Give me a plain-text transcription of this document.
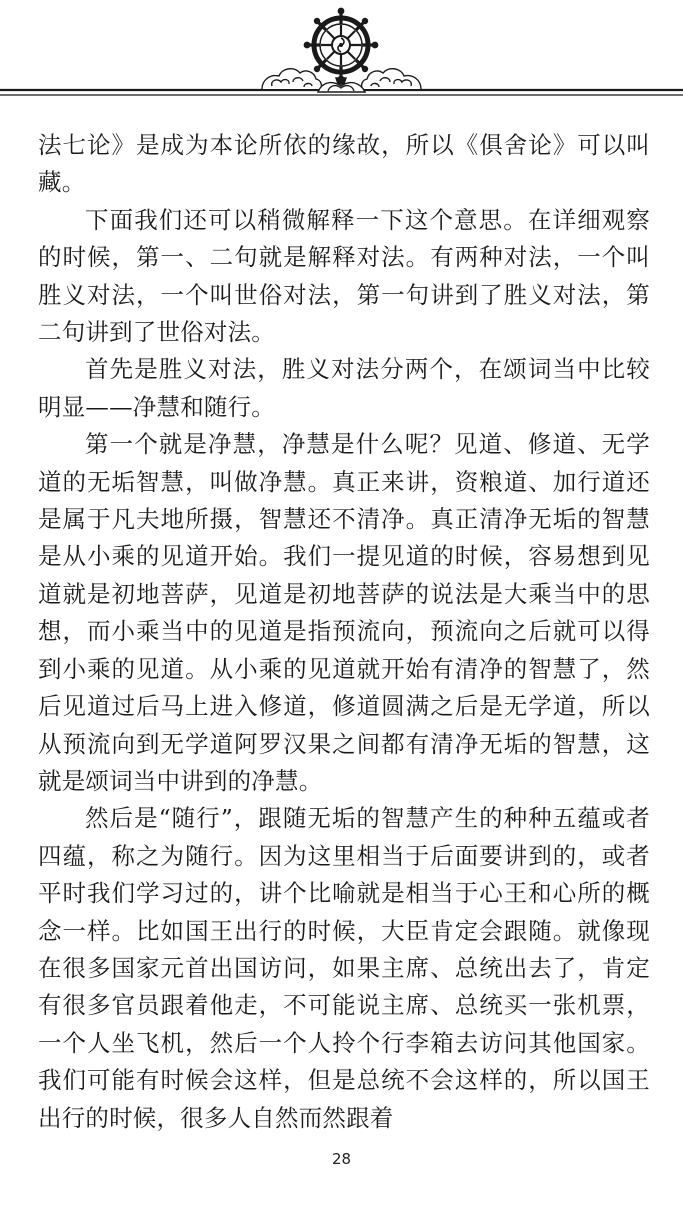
法七论》是成为本论所依的缘故，所以《俱舍论》可以叫藏。

下面我们还可以稍微解释一下这个意思。在详细观察的时候，第一、二句就是解释对法。有两种对法，一个叫胜义对法，一个叫世俗对法，第一句讲到了胜义对法，第二句讲到了世俗对法。

首先是胜义对法，胜义对法分两个，在颂词当中比较明显——净慧和随行。

第一个就是净慧，净慧是什么呢？见道、修道、无学道的无垢智慧，叫做净慧。真正来讲，资粮道、加行道还是属于凡夫地所摄，智慧还不清净。真正清净无垢的智慧是从小乘的见道开始。我们一提见道的时候，容易想到见道就是初地菩萨，见道是初地菩萨的说法是大乘当中的思想，而小乘当中的见道是指预流向，预流向之后就可以得到小乘的见道。从小乘的见道就开始有清净的智慧了，然后见道过后马上进入修道，修道圆满之后是无学道，所以从预流向到无学道阿罗汉果之间都有清净无垢的智慧，这就是颂词当中讲到的净慧。

然后是“随行”，跟随无垢的智慧产生的种种五蕴或者四蕴，称之为随行。因为这里相当于后面要讲到的，或者平时我们学习过的，讲个比喻就是相当于心王和心所的概念一样。比如国王出行的时候，大臣肯定会跟随。就像现在很多国家元首出国访问，如果主席、总统出去了，肯定有很多官员跟着他走，不可能说主席、总统买一张机票，一个人坐飞机，然后一个人拎个行李箱去访问其他国家。我们可能有时候会这样，但是总统不会这样的，所以国王出行的时候，很多人自然而然跟着

28
